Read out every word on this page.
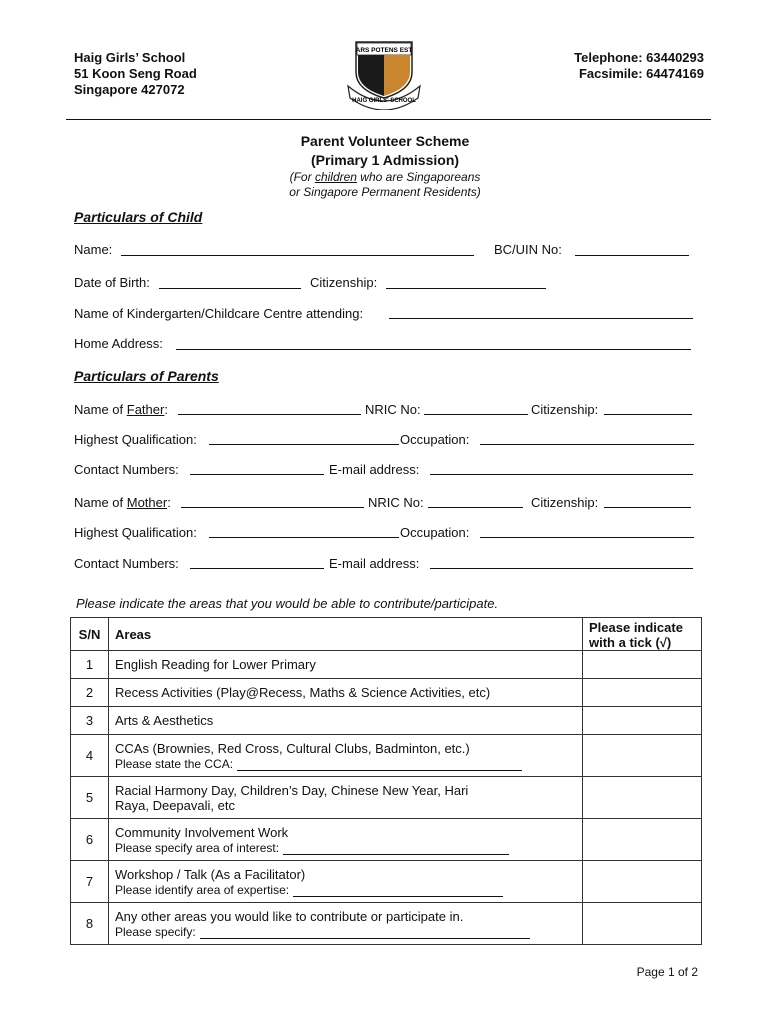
Haig Girls’ School
51 Koon Seng Road
Singapore 427072
Telephone: 63440293
Facsimile: 64474169
ARS POTENS EST
HAIG GIRLS' SCHOOL
Parent Volunteer Scheme
(Primary 1 Admission)
(For children who are Singaporeans
or Singapore Permanent Residents)
Particulars of Child
Name:	BC/UIN No:
Date of Birth:	Citizenship:
Name of Kindergarten/Childcare Centre attending:
Home Address:
Particulars of Parents
Name of Father:	NRIC No:	Citizenship:
Highest Qualification:	Occupation:
Contact Numbers:	E-mail address:
Name of Mother:	NRIC No:	Citizenship:
Highest Qualification:	Occupation:
Contact Numbers:	E-mail address:
Please indicate the areas that you would be able to contribute/participate.
S/N	Areas	Please indicate
with a tick (√)

1	English Reading for Lower Primary	
2	Recess Activities (Play@Recess, Maths & Science Activities, etc)	
3	Arts & Aesthetics	
4	CCAs (Brownies, Red Cross, Cultural Clubs, Badminton, etc.)
Please state the CCA:	

5	Racial Harmony Day, Children’s Day, Chinese New Year, Hari
Raya, Deepavali, etc	

6	Community Involvement Work
Please specify area of interest:	

7	Workshop / Talk (As a Facilitator)
Please identify area of expertise:	

8	Any other areas you would like to contribute or participate in.
Please specify:	

Page 1 of 2
